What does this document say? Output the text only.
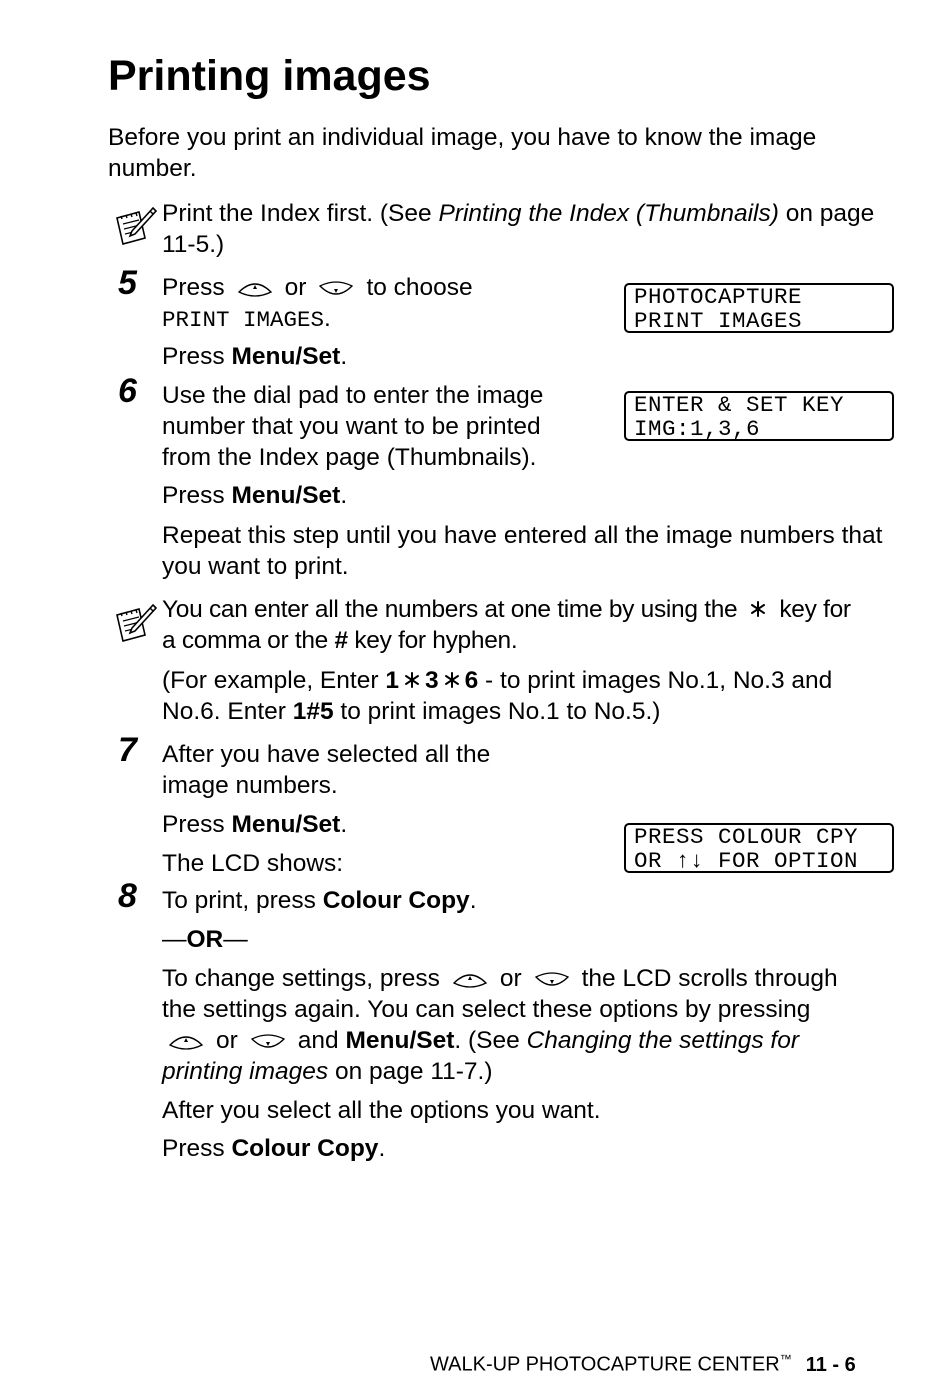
Printing images
Before you print an individual image, you have to know the image number.
Print the Index first. (See Printing the Index (Thumbnails) on page 11-5.)
5 Press or to choose
PRINT IMAGES.
Press Menu/Set.
PHOTOCAPTURE
PRINT IMAGES
6 Use the dial pad to enter the image
number that you want to be printed
from the Index page (Thumbnails).
Press Menu/Set.
Repeat this step until you have entered all the image numbers that you want to print.
ENTER & SET KEY
IMG:1,3,6
You can enter all the numbers at one time by using the key for
a comma or the # key for hyphen.
(For example, Enter 1 3 6 - to print images No.1, No.3 and
No.6. Enter 1#5 to print images No.1 to No.5.)
7 After you have selected all the
image numbers.
Press Menu/Set.
The LCD shows:
PRESS COLOUR CPY
OR ↑↓ FOR OPTION
8 To print, press Colour Copy.
—OR—
To change settings, press or the LCD scrolls through
the settings again. You can select these options by pressing
or and Menu/Set. (See Changing the settings for
printing images on page 11-7.)
After you select all the options you want.
Press Colour Copy.
WALK-UP PHOTOCAPTURE CENTER™ 11 - 6
